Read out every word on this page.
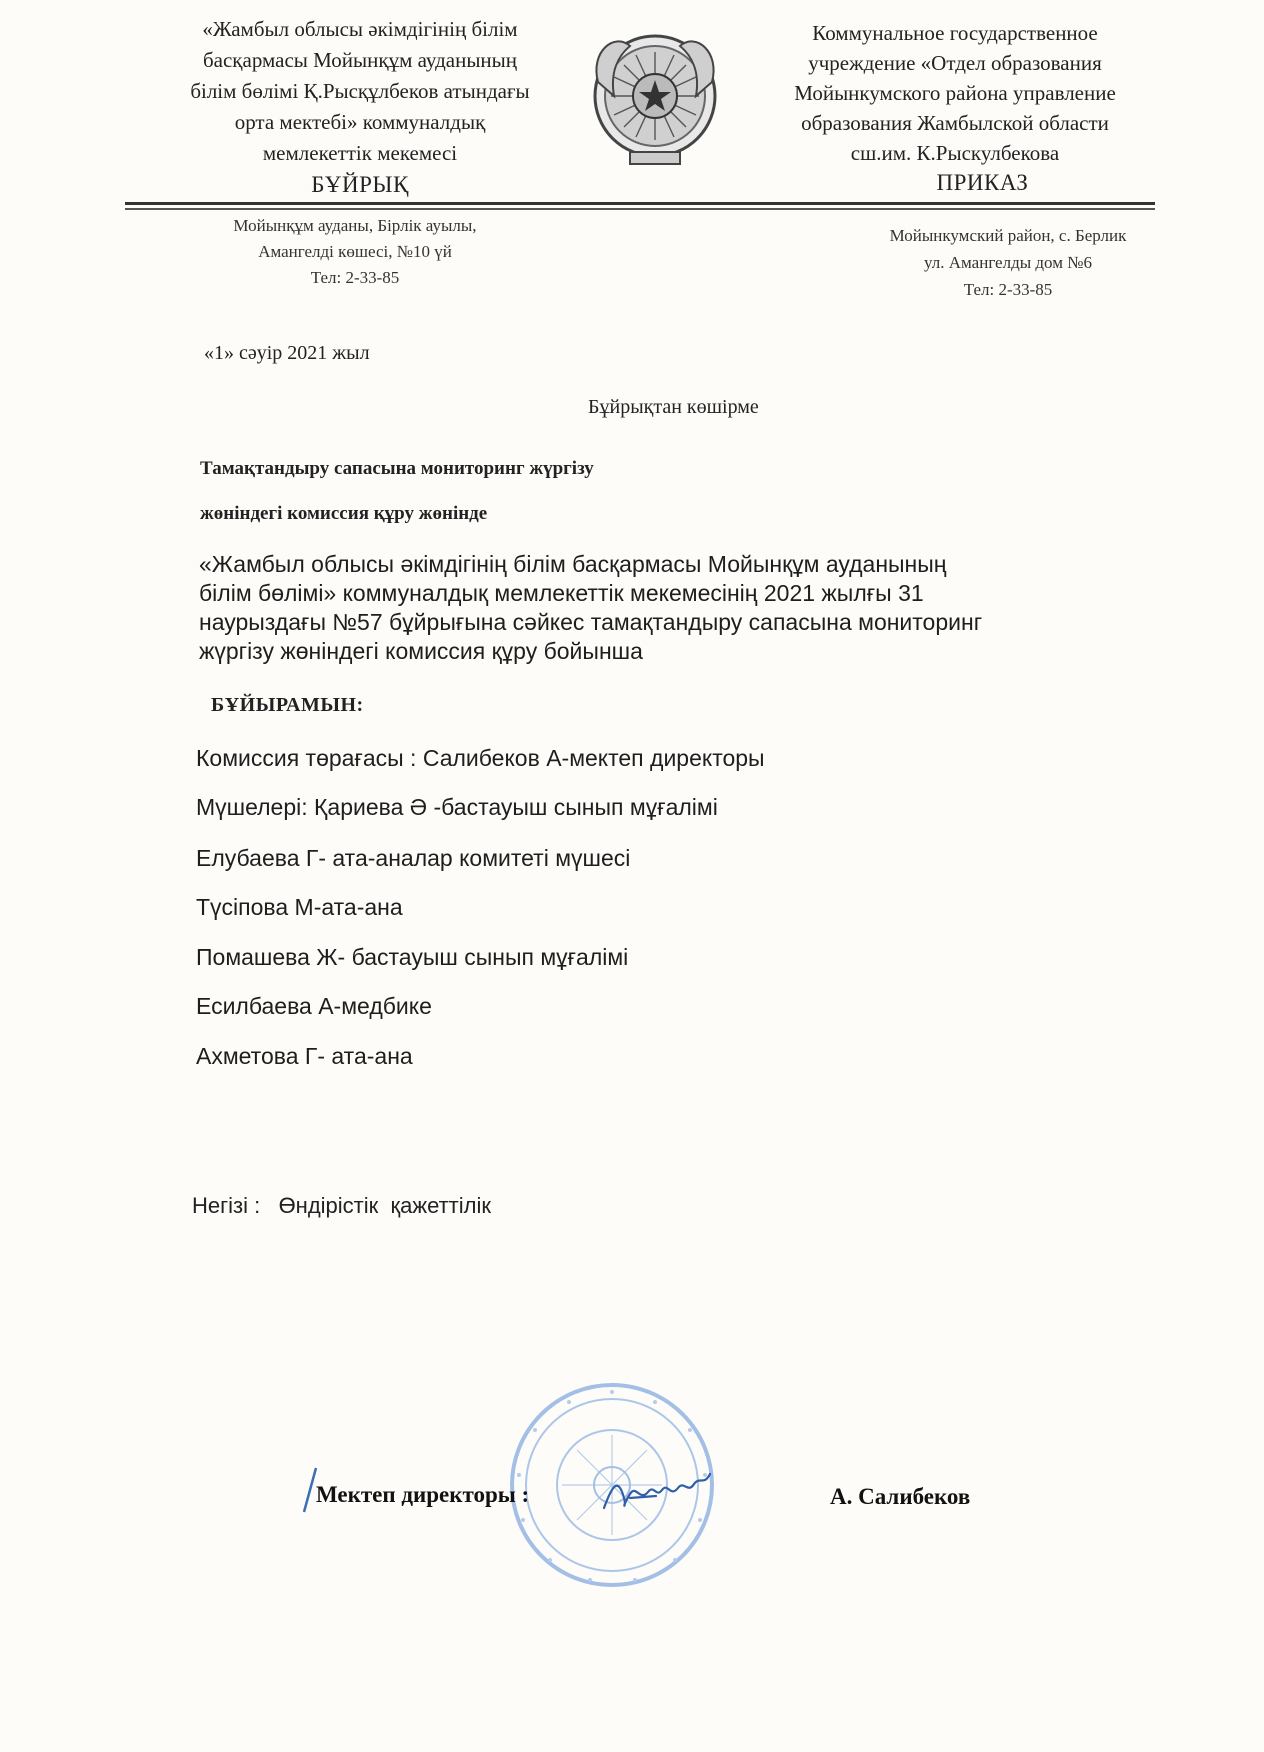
«Жамбыл облысы әкімдігінің білім
басқармасы Мойынқұм ауданының
білім бөлімі Қ.Рысқұлбеков атындағы
орта мектебі» коммуналдық
мемлекеттік мекемесі
БҰЙРЫҚ
Коммунальное государственное
учреждение «Отдел образования
Мойынкумского района управление
образования Жамбылской области
сш.им. К.Рыскулбекова
ПРИКАЗ
Мойынқұм ауданы, Бірлік ауылы,
Амангелді көшесі, №10 үй
Тел: 2-33-85
Мойынкумский район, с. Берлик
ул. Амангелды дом №6
Тел: 2-33-85
«1» сәуір 2021 жыл
Бұйрықтан көшірме
Тамақтандыру сапасына мониторинг жүргізу
жөніндегі комиссия құру жөнінде
«Жамбыл облысы әкімдігінің білім басқармасы Мойынқұм ауданының
білім бөлімі» коммуналдық мемлекеттік мекемесінің 2021 жылғы 31
наурыздағы №57 бұйрығына сәйкес тамақтандыру сапасына мониторинг
жүргізу жөніндегі комиссия құру бойынша
БҰЙЫРАМЫН:
Комиссия төрағасы : Салибеков А-мектеп директоры
Мүшелері: Қариева Ә -бастауыш сынып мұғалімі
Елубаева Г- ата-аналар комитеті мүшесі
Түсіпова М-ата-ана
Помашева Ж- бастауыш сынып мұғалімі
Есилбаева А-медбике
Ахметова Г- ата-ана
Негізі :   Өндірістік  қажеттілік
Мектеп директоры :	А. Салибеков
